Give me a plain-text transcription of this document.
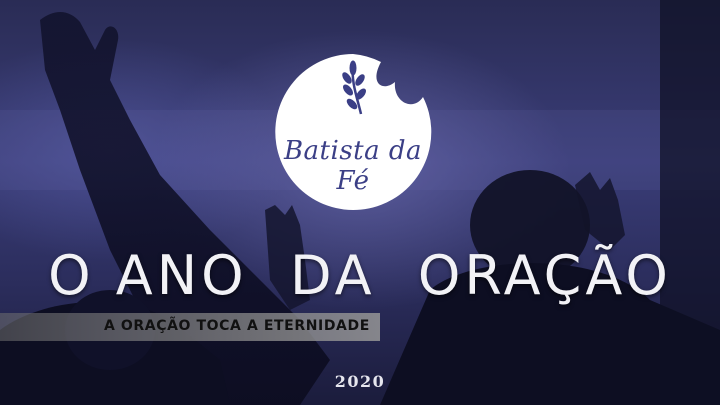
Batista da Fé
O ANO  DA  ORAÇÃO
A ORAÇÃO TOCA A ETERNIDADE
2020
